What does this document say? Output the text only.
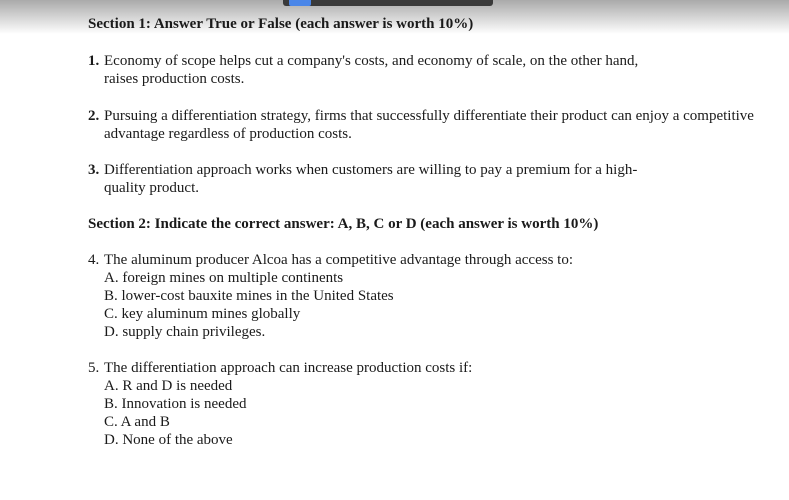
Section 1: Answer True or False (each answer is worth 10%)
1. Economy of scope helps cut a company's costs, and economy of scale, on the other hand, raises production costs.
2. Pursuing a differentiation strategy, firms that successfully differentiate their product can enjoy a competitive advantage regardless of production costs.
3. Differentiation approach works when customers are willing to pay a premium for a high-quality product.
Section 2: Indicate the correct answer: A, B, C or D (each answer is worth 10%)
4. The aluminum producer Alcoa has a competitive advantage through access to:
A. foreign mines on multiple continents
B. lower-cost bauxite mines in the United States
C. key aluminum mines globally
D. supply chain privileges.
5. The differentiation approach can increase production costs if:
A. R and D is needed
B. Innovation is needed
C. A and B
D. None of the above
